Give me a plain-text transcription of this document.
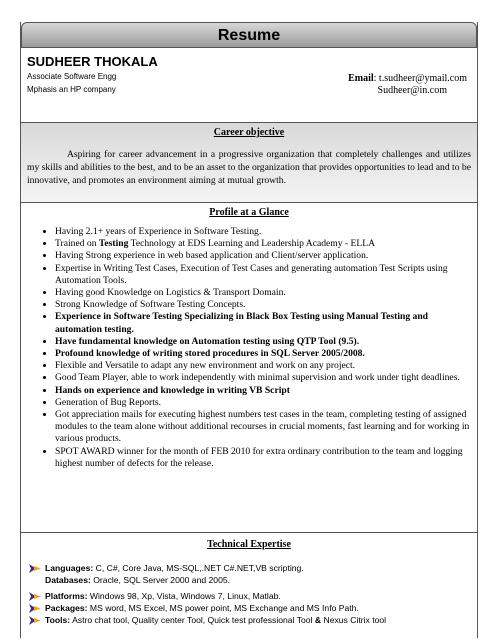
Resume
SUDHEER THOKALA
Associate Software Engg
Mphasis an HP company
Email: t.sudheer@ymail.com
Sudheer@in.com
Career objective
Aspiring for career advancement in a progressive organization that completely challenges and utilizes my skills and abilities to the best, and to be an asset to the organization that provides opportunities to lead and to be innovative, and promotes an environment aiming at mutual growth.
Profile at a Glance
• Having 2.1+ years of Experience in Software Testing.
• Trained on Testing Technology at EDS Learning and Leadership Academy - ELLA
• Having Strong experience in web based application and Client/server application.
• Expertise in Writing Test Cases, Execution of Test Cases and generating automation Test Scripts using Automation Tools.
• Having good Knowledge on Logistics & Transport Domain.
• Strong Knowledge of Software Testing Concepts.
• Experience in Software Testing Specializing in Black Box Testing using Manual Testing and automation testing.
• Have fundamental knowledge on Automation testing using QTP Tool (9.5).
• Profound knowledge of writing stored procedures in SQL Server 2005/2008.
• Flexible and Versatile to adapt any new environment and work on any project.
• Good Team Player, able to work independently with minimal supervision and work under tight deadlines.
• Hands on experience and knowledge in writing VB Script
• Generation of Bug Reports.
• Got appreciation mails for executing highest numbers test cases in the team, completing testing of assigned modules to the team alone without additional recourses in crucial moments, fast learning and for working in various products.
• SPOT AWARD winner for the month of FEB 2010 for extra ordinary contribution to the team and logging highest number of defects for the release.
Technical Expertise
Languages: C, C#, Core Java, MS-SQL,.NET C#.NET,VB scripting.
Databases: Oracle, SQL Server 2000 and 2005.
Platforms: Windows 98, Xp, Vista, Windows 7, Linux, Matlab.
Packages: MS word, MS Excel, MS power point, MS Exchange and MS Info Path.
Tools: Astro chat tool, Quality center Tool, Quick test professional Tool & Nexus Citrix tool
